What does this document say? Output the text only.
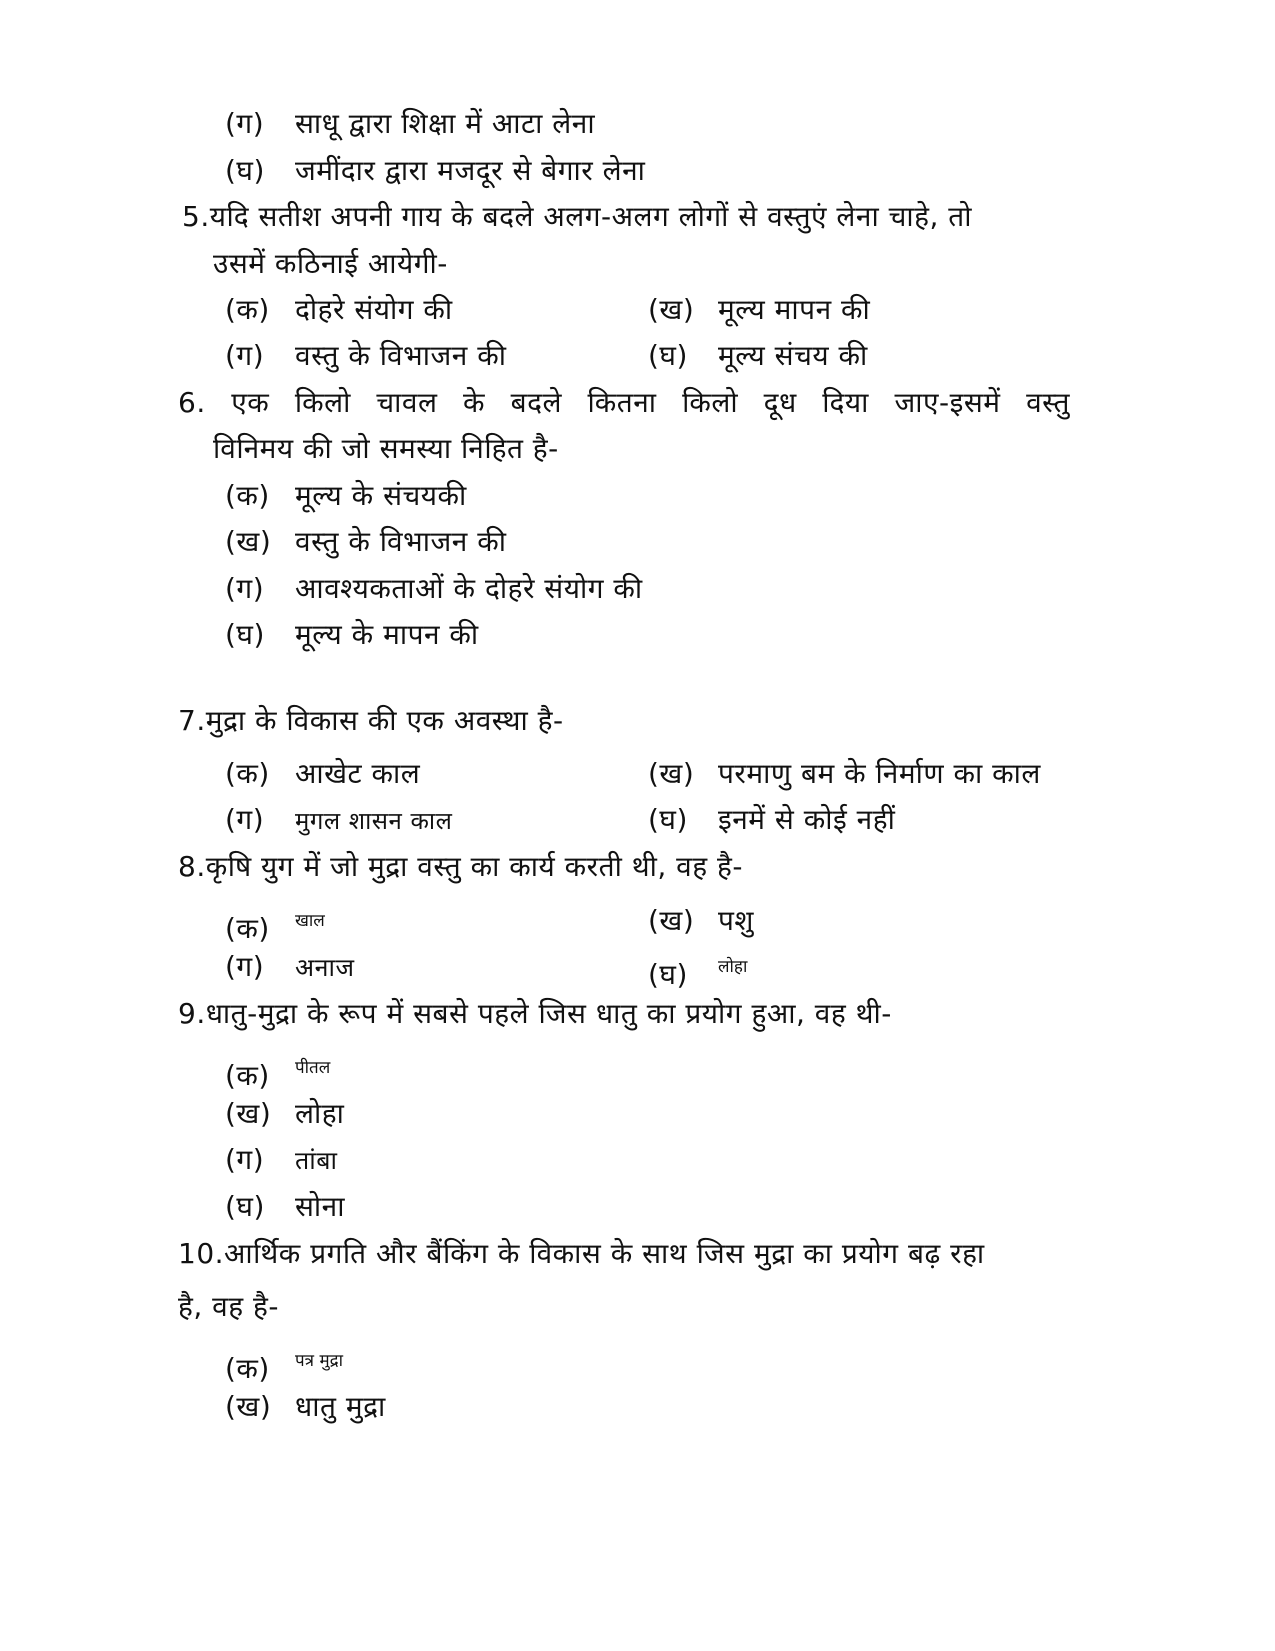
(ग) साधू द्वारा शिक्षा में आटा लेना
(घ) जमींदार द्वारा मजदूर से बेगार लेना
5.यदि सतीश अपनी गाय के बदले अलग-अलग लोगों से वस्तुएं लेना चाहे, तो
उसमें कठिनाई आयेगी-
(क) दोहरे संयोग की	(ख) मूल्य मापन की
(ग) वस्तु के विभाजन की	(घ) मूल्य संचय की
6. एक किलो चावल के बदले कितना किलो दूध दिया जाए-इसमें वस्तु
विनिमय की जो समस्या निहित है-
(क) मूल्य के संचयकी
(ख) वस्तु के विभाजन की
(ग) आवश्यकताओं के दोहरे संयोग की
(घ) मूल्य के मापन की
7.मुद्रा के विकास की एक अवस्था है-
(क) आखेट काल	(ख) परमाणु बम के निर्माण का काल
(ग) मुगल शासन काल	(घ) इनमें से कोई नहीं
8.कृषि युग में जो मुद्रा वस्तु का कार्य करती थी, वह है-
(क) $^{खाल}$	(ख) पशु
(ग) अनाज	(घ) $^{लोहा}$
9.धातु-मुद्रा के रूप में सबसे पहले जिस धातु का प्रयोग हुआ, वह थी-
(क) $^{पीतल}$
(ख) लोहा
(ग) तांबा
(घ) सोना
10.आर्थिक प्रगति और बैंकिंग के विकास के साथ जिस मुद्रा का प्रयोग बढ़ रहा
है, वह है-
(क) $^{पत्र मुद्रा}$
(ख) धातु मुद्रा
